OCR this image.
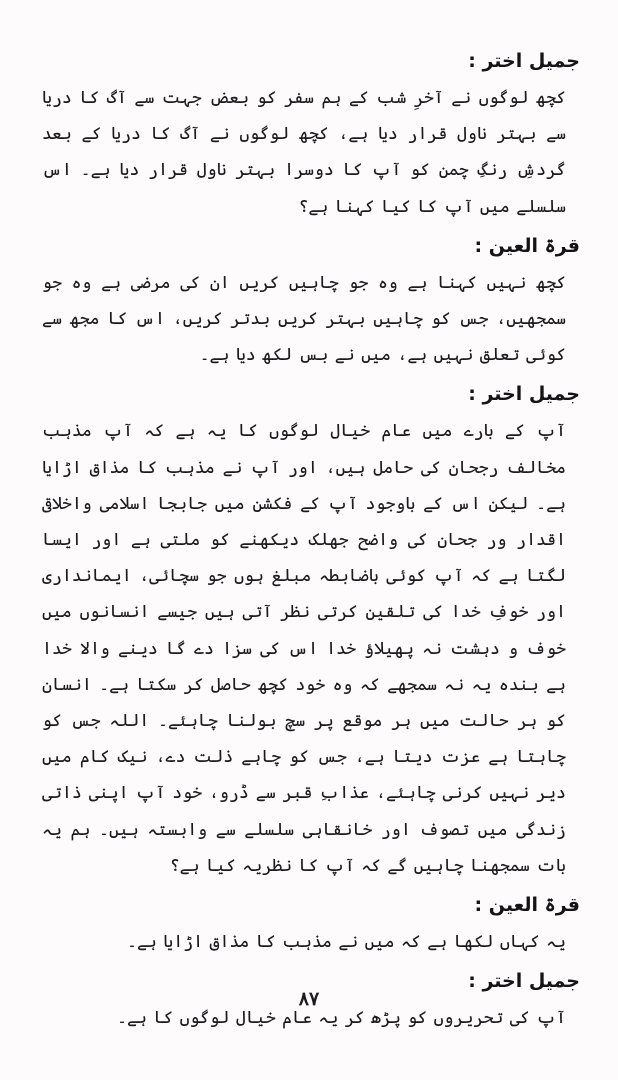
جمیل اختر :

کچھ لوگوں نے آخرِ شب کے ہم سفر کو بعض جہت سے آگ کا دریا سے بہتر ناول قرار دیا ہے، کچھ لوگوں نے آگ کا دریا کے بعد گردشِ رنگِ چمن کو آپ کا دوسرا بہتر ناول قرار دیا ہے۔ اس سلسلے میں آپ کا کیا کہنا ہے؟

قرۃ العین :

کچھ نہیں کہنا ہے وہ جو چاہیں کریں ان کی مرضی ہے وہ جو سمجھیں، جس کو چاہیں بہتر کریں بدتر کریں، اس کا مجھ سے کوئی تعلق نہیں ہے، میں نے بس لکھ دیا ہے۔

جمیل اختر :

آپ کے بارے میں عام خیال لوگوں کا یہ ہے کہ آپ مذہب مخالف رجحان کی حامل ہیں، اور آپ نے مذہب کا مذاق اڑایا ہے۔ لیکن اس کے باوجود آپ کے فکشن میں جابجا اسلامی واخلاقی اقدار ور جحان کی واضح جھلک دیکھنے کو ملتی ہے اور ایسا لگتا ہے کہ آپ کوئی باضابطہ مبلغ ہوں جو سچائی، ایمانداری اور خوفِ خدا کی تلقین کرتی نظر آتی ہیں جیسے انسانوں میں خوف و دہشت نہ پھیلاؤ خدا اس کی سزا دے گا دینے والا خدا ہے بندہ یہ نہ سمجھے کہ وہ خود کچھ حاصل کر سکتا ہے۔ انسان کو ہر حالت میں ہر موقع پر سچ بولنا چاہئے۔ اللہ جس کو چاہتا ہے عزت دیتا ہے، جس کو چاہے ذلت دے، نیک کام میں دیر نہیں کرنی چاہئے، عذابِ قبر سے ڈرو، خود آپ اپنی ذاتی زندگی میں تصوف اور خانقاہی سلسلے سے وابستہ ہیں۔ ہم یہ بات سمجھنا چاہیں گے کہ آپ کا نظریہ کیا ہے؟

قرۃ العین :

یہ کہاں لکھا ہے کہ میں نے مذہب کا مذاق اڑایا ہے۔

جمیل اختر :

آپ کی تحریروں کو پڑھ کر یہ عام خیال لوگوں کا ہے۔

۸۷
